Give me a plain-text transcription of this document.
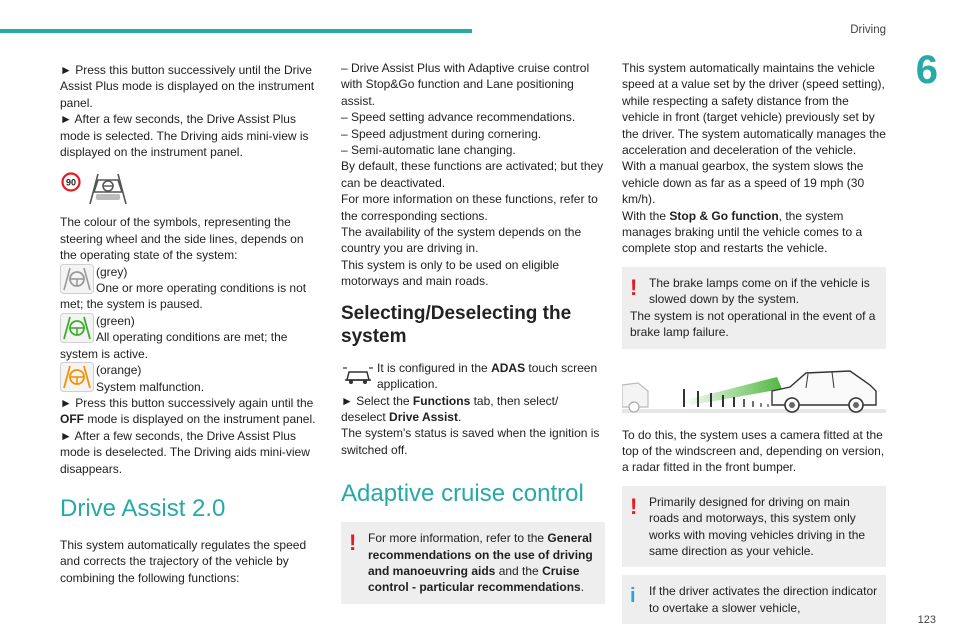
Driving
6
123

► Press this button successively until the Drive Assist Plus mode is displayed on the instrument panel.

► After a few seconds, the Drive Assist Plus mode is selected. The Driving aids mini-view is displayed on the instrument panel.

90

The colour of the symbols, representing the steering wheel and the side lines, depends on the operating state of the system:

(grey)

One or more operating conditions is not met; the system is paused.

(green)

All operating conditions are met; the system is active.

(orange)

System malfunction.

► Press this button successively again until the OFF mode is displayed on the instrument panel.

► After a few seconds, the Drive Assist Plus mode is deselected. The Driving aids mini-view disappears.

Drive Assist 2.0

This system automatically regulates the speed and corrects the trajectory of the vehicle by combining the following functions:

– Drive Assist Plus with Adaptive cruise control with Stop&Go function and Lane positioning assist.

– Speed setting advance recommendations.

– Speed adjustment during cornering.

– Semi-automatic lane changing.

By default, these functions are activated; but they can be deactivated.

For more information on these functions, refer to the corresponding sections.

The availability of the system depends on the country you are driving in.

This system is only to be used on eligible motorways and main roads.

Selecting/Deselecting the system

It is configured in the ADAS touch screen application.

► Select the Functions tab, then select/ deselect Drive Assist.

The system's status is saved when the ignition is switched off.

Adaptive cruise control
! For more information, refer to the General recommendations on the use of driving and manoeuvring aids and the Cruise control - particular recommendations.

This system automatically maintains the vehicle speed at a value set by the driver (speed setting), while respecting a safety distance from the vehicle in front (target vehicle) previously set by the driver. The system automatically manages the acceleration and deceleration of the vehicle.

With a manual gearbox, the system slows the vehicle down as far as a speed of 19 mph (30 km/h).

With the Stop & Go function, the system manages braking until the vehicle comes to a complete stop and restarts the vehicle.

! The brake lamps come on if the vehicle is slowed down by the system.
The system is not operational in the event of a brake lamp failure.

To do this, the system uses a camera fitted at the top of the windscreen and, depending on version, a radar fitted in the front bumper.

! Primarily designed for driving on main roads and motorways, this system only works with moving vehicles driving in the same direction as your vehicle.
i	If the driver activates the direction indicator to overtake a slower vehicle,
